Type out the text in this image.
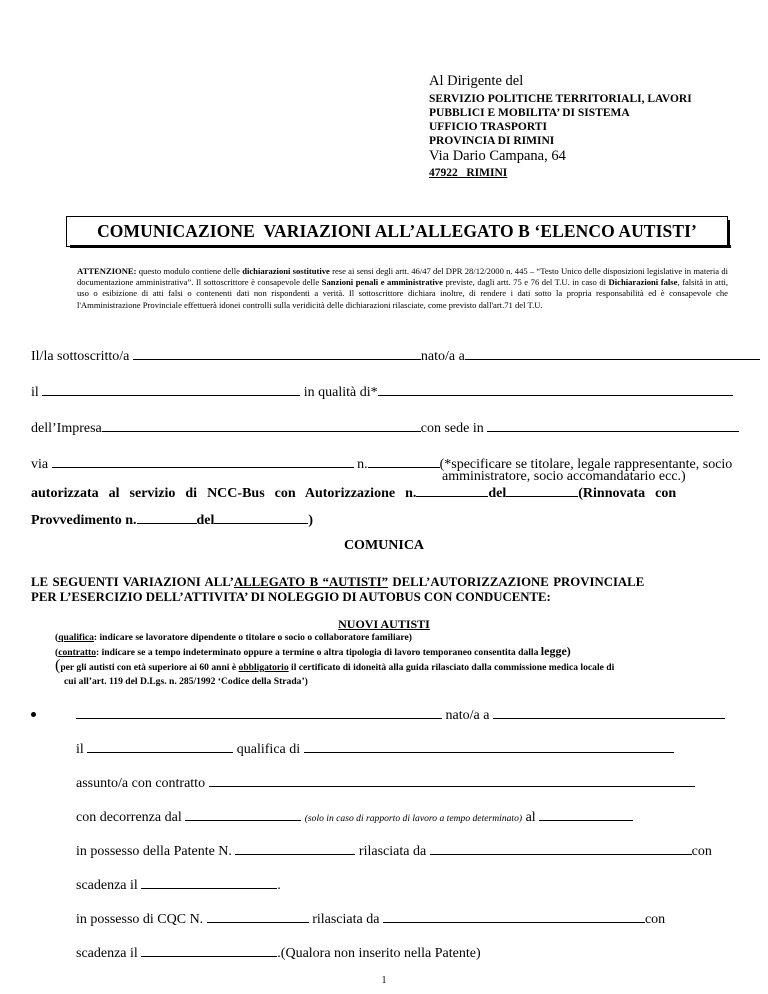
Al Dirigente del
SERVIZIO POLITICHE TERRITORIALI, LAVORI
PUBBLICI E MOBILITA’ DI SISTEMA
UFFICIO TRASPORTI
PROVINCIA DI RIMINI
Via Dario Campana, 64
47922   RIMINI
COMUNICAZIONE  VARIAZIONI ALL’ALLEGATO B ‘ELENCO AUTISTI’
ATTENZIONE: questo modulo contiene delle dichiarazioni sostitutive rese ai sensi degli artt. 46/47 del DPR 28/12/2000 n. 445 – “Testo Unico delle disposizioni legislative in materia di documentazione amministrativa”. Il sottoscrittore è consapevole delle Sanzioni penali e amministrative previste, dagli artt. 75 e 76 del T.U. in caso di Dichiarazioni false, falsità in atti, uso o esibizione di atti falsi o contenenti dati non rispondenti a verità. Il sottoscrittore dichiara inoltre, di rendere i dati sotto la propria responsabilità ed è consapevole che l'Amministrazione Provinciale effettuerà idonei controlli sulla veridicità delle dichiarazioni rilasciate, come previsto dall'art.71 del T.U.
Il/la sottoscritto/a	nato/a a
il	in qualità di*
dell’Impresa	con sede in
via	n.	(*specificare se titolare, legale rappresentante, socio
amministratore, socio accomandatario ecc.)
autorizzata al servizio di NCC-Bus con Autorizzazione n.	del	(Rinnovata con
Provvedimento n.	del	)
COMUNICA
LE SEGUENTI VARIAZIONI ALL’ALLEGATO B “AUTISTI” DELL’AUTORIZZAZIONE PROVINCIALE
PER L’ESERCIZIO DELL’ATTIVITA’ DI NOLEGGIO DI AUTOBUS CON CONDUCENTE:
NUOVI AUTISTI
(qualifica: indicare se lavoratore dipendente o titolare o socio o collaboratore familiare)
(contratto: indicare se a tempo indeterminato oppure a termine o altra tipologia di lavoro temporaneo consentita dalla legge)
(per gli autisti con età superiore ai 60 anni è obbligatorio il certificato di idoneità alla guida rilasciato dalla commissione medica locale di
cui all’art. 119 del D.Lgs. n. 285/1992 ‘Codice della Strada’)
nato/a a
il	qualifica di
assunto/a con contratto
con decorrenza dal	(solo in caso di rapporto di lavoro a tempo determinato) al
in possesso della Patente N.	rilasciata da	con
scadenza il	.
in possesso di CQC N.	rilasciata da	con
scadenza il	.(Qualora non inserito nella Patente)
1
